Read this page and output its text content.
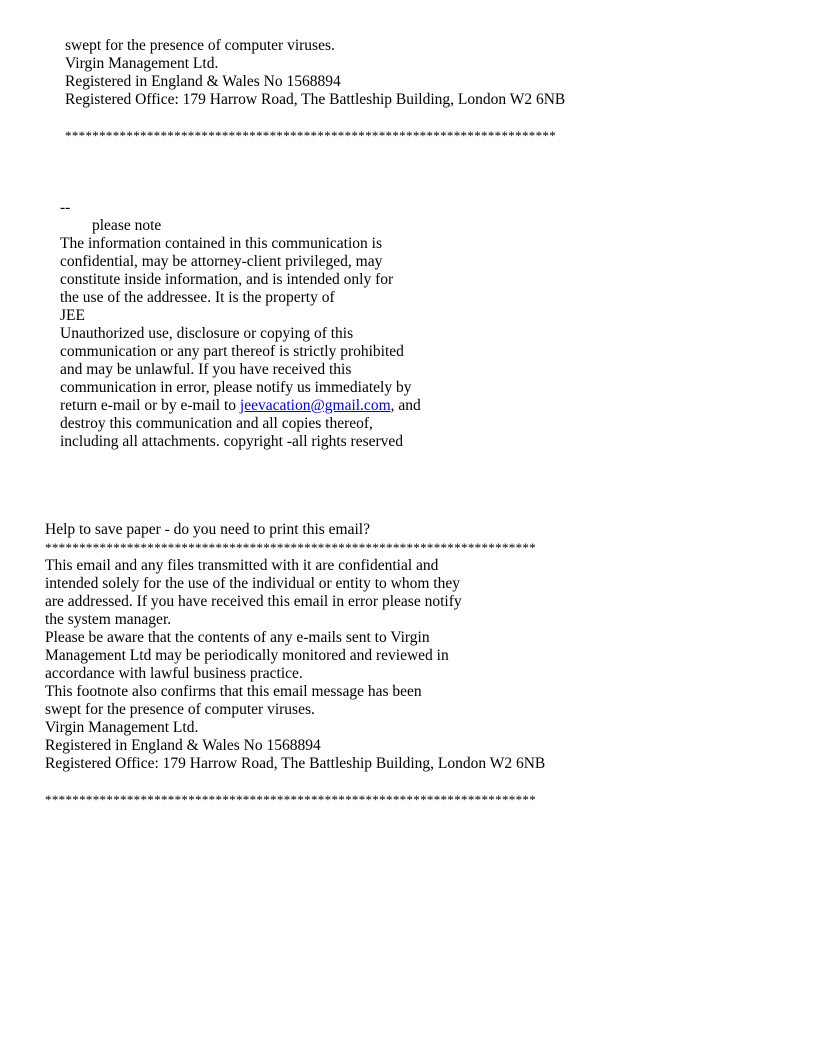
swept for the presence of computer viruses.
Virgin Management Ltd.
Registered in England & Wales No 1568894
Registered Office: 179 Harrow Road, The Battleship Building, London W2 6NB
************************************************************************
--
please note
The information contained in this communication is
confidential, may be attorney-client privileged, may
constitute inside information, and is intended only for
the use of the addressee. It is the property of
JEE
Unauthorized use, disclosure or copying of this
communication or any part thereof is strictly prohibited
and may be unlawful. If you have received this
communication in error, please notify us immediately by
return e-mail or by e-mail to jeevacation@gmail.com, and
destroy this communication and all copies thereof,
including all attachments. copyright -all rights reserved
Help to save paper - do you need to print this email?
************************************************************************
This email and any files transmitted with it are confidential and
intended solely for the use of the individual or entity to whom they
are addressed. If you have received this email in error please notify
the system manager.
Please be aware that the contents of any e-mails sent to Virgin
Management Ltd may be periodically monitored and reviewed in
accordance with lawful business practice.
This footnote also confirms that this email message has been
swept for the presence of computer viruses.
Virgin Management Ltd.
Registered in England & Wales No 1568894
Registered Office: 179 Harrow Road, The Battleship Building, London W2 6NB
************************************************************************
